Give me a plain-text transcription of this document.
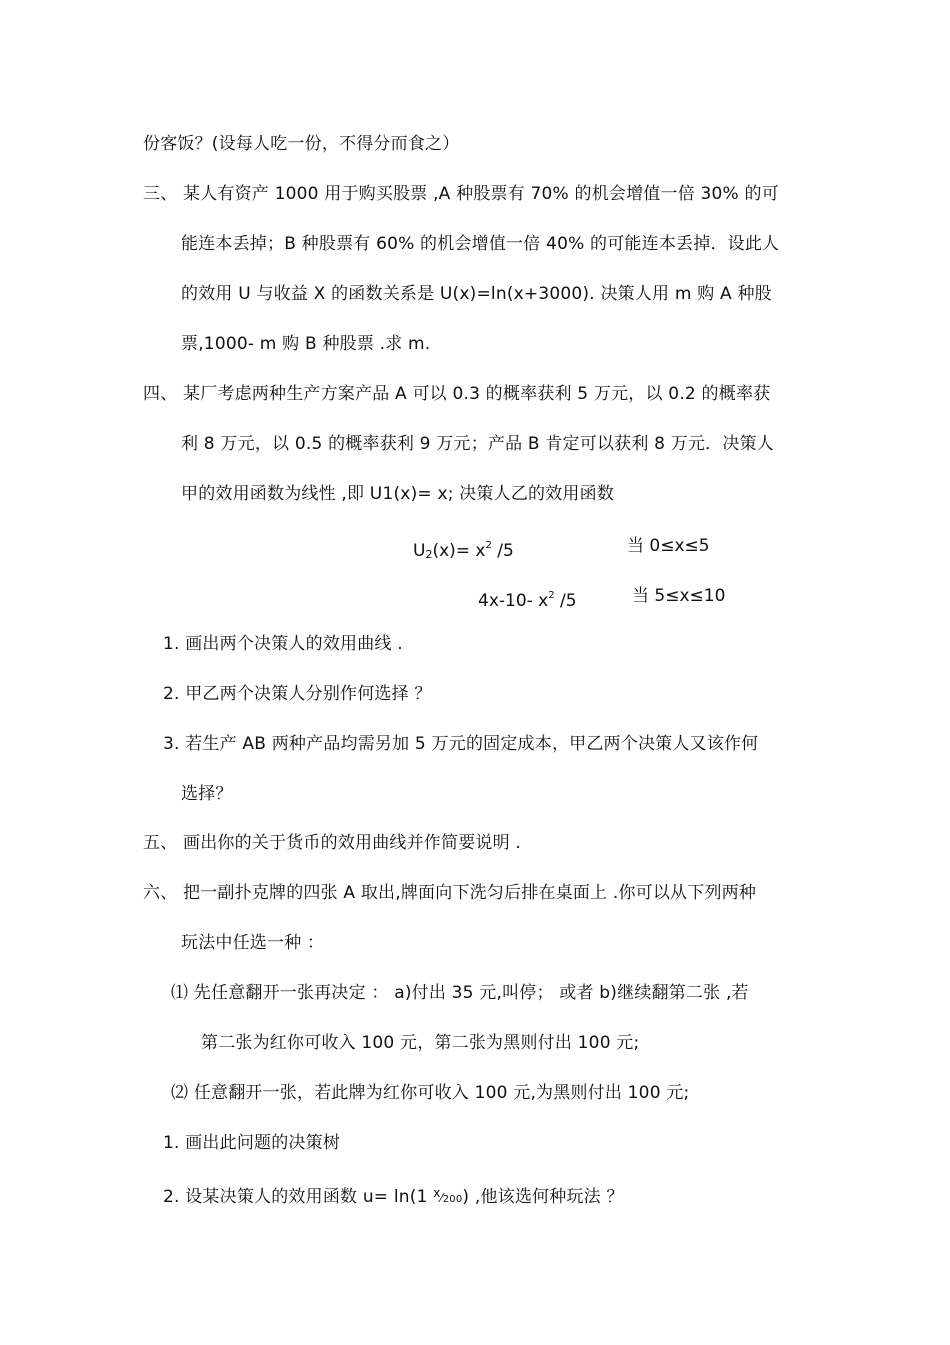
份客饭？(设每人吃一份，不得分而食之）
三、 某人有资产 1000 用于购买股票 ,A 种股票有 70% 的机会增值一倍 30% 的可
能连本丢掉；B 种股票有 60% 的机会增值一倍 40% 的可能连本丢掉．设此人
的效用 U 与收益 X 的函数关系是 U(x)=ln(x+3000). 决策人用 m 购 A 种股
票,1000- m 购 B 种股票 .求 m.
四、 某厂考虑两种生产方案产品 A 可以 0.3 的概率获利 5 万元，以 0.2 的概率获
利 8 万元，以 0.5 的概率获利 9 万元；产品 B 肯定可以获利 8 万元．决策人
甲的效用函数为线性 ,即 U1(x)= x; 决策人乙的效用函数
$U_2(x)= x^2$ /5	当 0≤x≤5
4x-10- $x^2$ /5	当 5≤x≤10
1. 画出两个决策人的效用曲线 .
2. 甲乙两个决策人分别作何选择 ？
3. 若生产 AB 两种产品均需另加 5 万元的固定成本，甲乙两个决策人又该作何
选择？
五、 画出你的关于货币的效用曲线并作简要说明 .
六、 把一副扑克牌的四张 A 取出,牌面向下洗匀后排在桌面上 .你可以从下列两种
玩法中任选一种 ：
⑴ 先任意翻开一张再决定 ： a)付出 35 元,叫停； 或者 b)继续翻第二张 ,若
第二张为红你可收入 100 元，第二张为黑则付出 100 元;
⑵ 任意翻开一张，若此牌为红你可收入 100 元,为黑则付出 100 元;
1. 画出此问题的决策树
2. 设某决策人的效用函数 u= ln(1 $^x$⁄200) ,他该选何种玩法 ？
